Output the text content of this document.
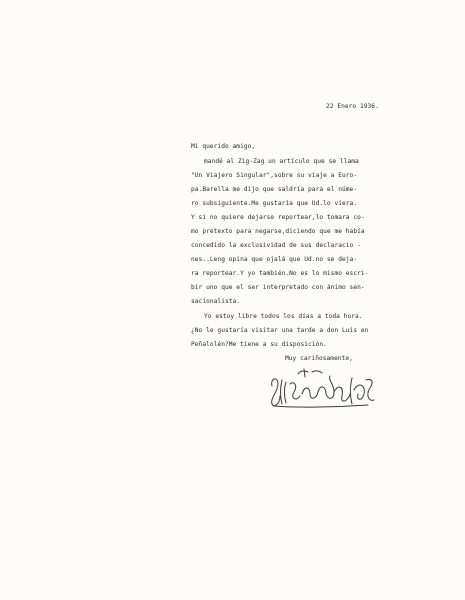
22 Enero 1936.

Mi querido amigo,

mandé al Zig-Zag un artículo que se llama

"Un Viajero Singular",sobre su viaje a Euro-

pa.Barella me dijo que saldría para el núme-

ro subsiguiente.Me gustaría que Ud.lo viera.

Y si no quiere dejarse reportear,lo tomara co-

mo pretexto para negarse,diciendo que me había

concedido la exclusividad de sus declaracio -

nes..Leng opina que ojalá que Ud.no se deja-

ra reportear.Y yo también.No es lo mismo escri-

bir uno que el ser interpretado con ánimo sen-

sacionalista.

Yo estoy libre todos los días a toda hora.

¿No le gustaría visitar una tarde a don Luis en

Peñalolén?Me tiene a su disposición.

Muy cariñosamente,
